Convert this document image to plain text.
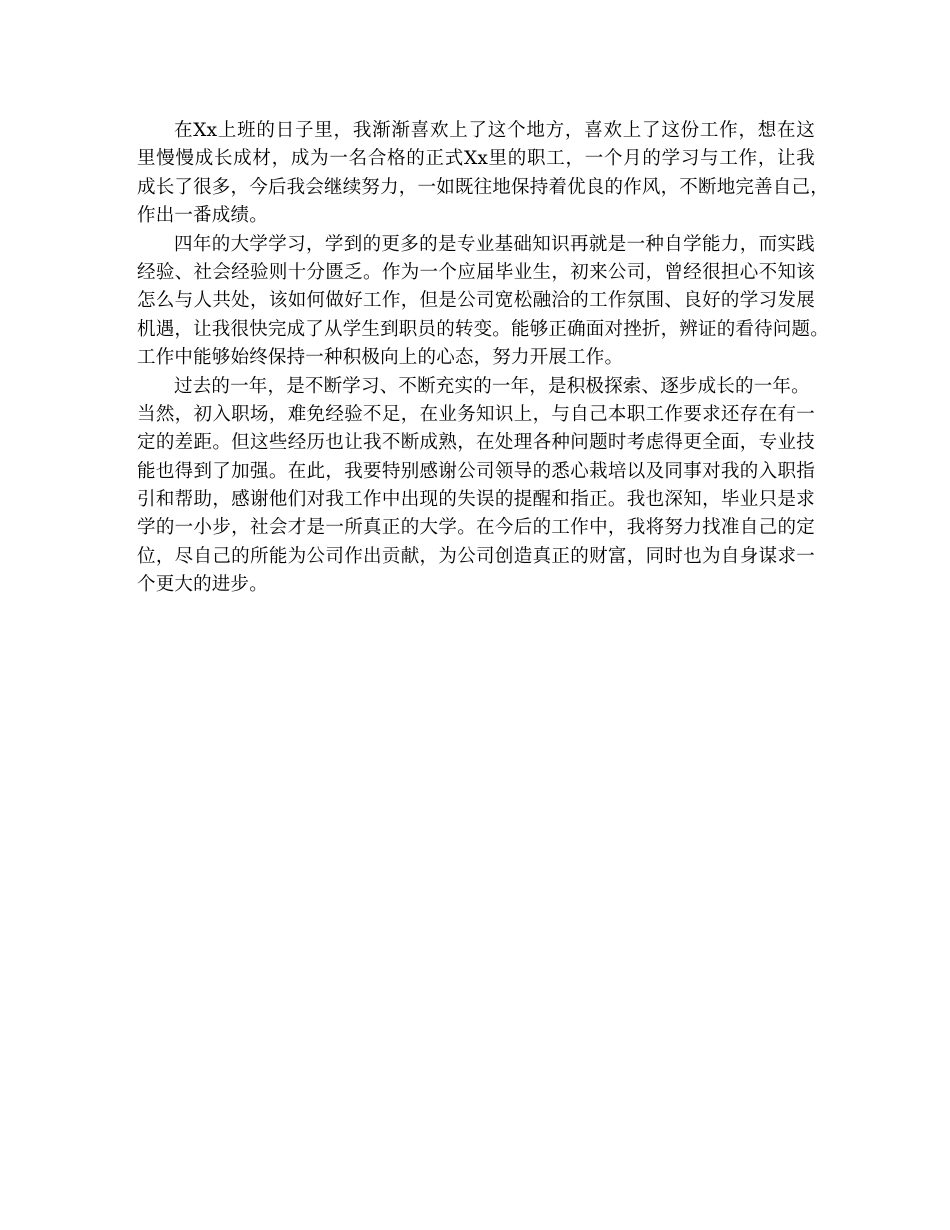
在Xx上班的日子里，我渐渐喜欢上了这个地方，喜欢上了这份工作，想在这
里慢慢成长成材，成为一名合格的正式Xx里的职工，一个月的学习与工作，让我
成长了很多，今后我会继续努力，一如既往地保持着优良的作风，不断地完善自己，
作出一番成绩。
四年的大学学习，学到的更多的是专业基础知识再就是一种自学能力，而实践
经验、社会经验则十分匮乏。作为一个应届毕业生，初来公司，曾经很担心不知该
怎么与人共处，该如何做好工作，但是公司宽松融洽的工作氛围、良好的学习发展
机遇，让我很快完成了从学生到职员的转变。能够正确面对挫折，辨证的看待问题。
工作中能够始终保持一种积极向上的心态，努力开展工作。
过去的一年，是不断学习、不断充实的一年，是积极探索、逐步成长的一年。
当然，初入职场，难免经验不足，在业务知识上，与自己本职工作要求还存在有一
定的差距。但这些经历也让我不断成熟，在处理各种问题时考虑得更全面，专业技
能也得到了加强。在此，我要特别感谢公司领导的悉心栽培以及同事对我的入职指
引和帮助，感谢他们对我工作中出现的失误的提醒和指正。我也深知，毕业只是求
学的一小步，社会才是一所真正的大学。在今后的工作中，我将努力找准自己的定
位，尽自己的所能为公司作出贡献，为公司创造真正的财富，同时也为自身谋求一
个更大的进步。
